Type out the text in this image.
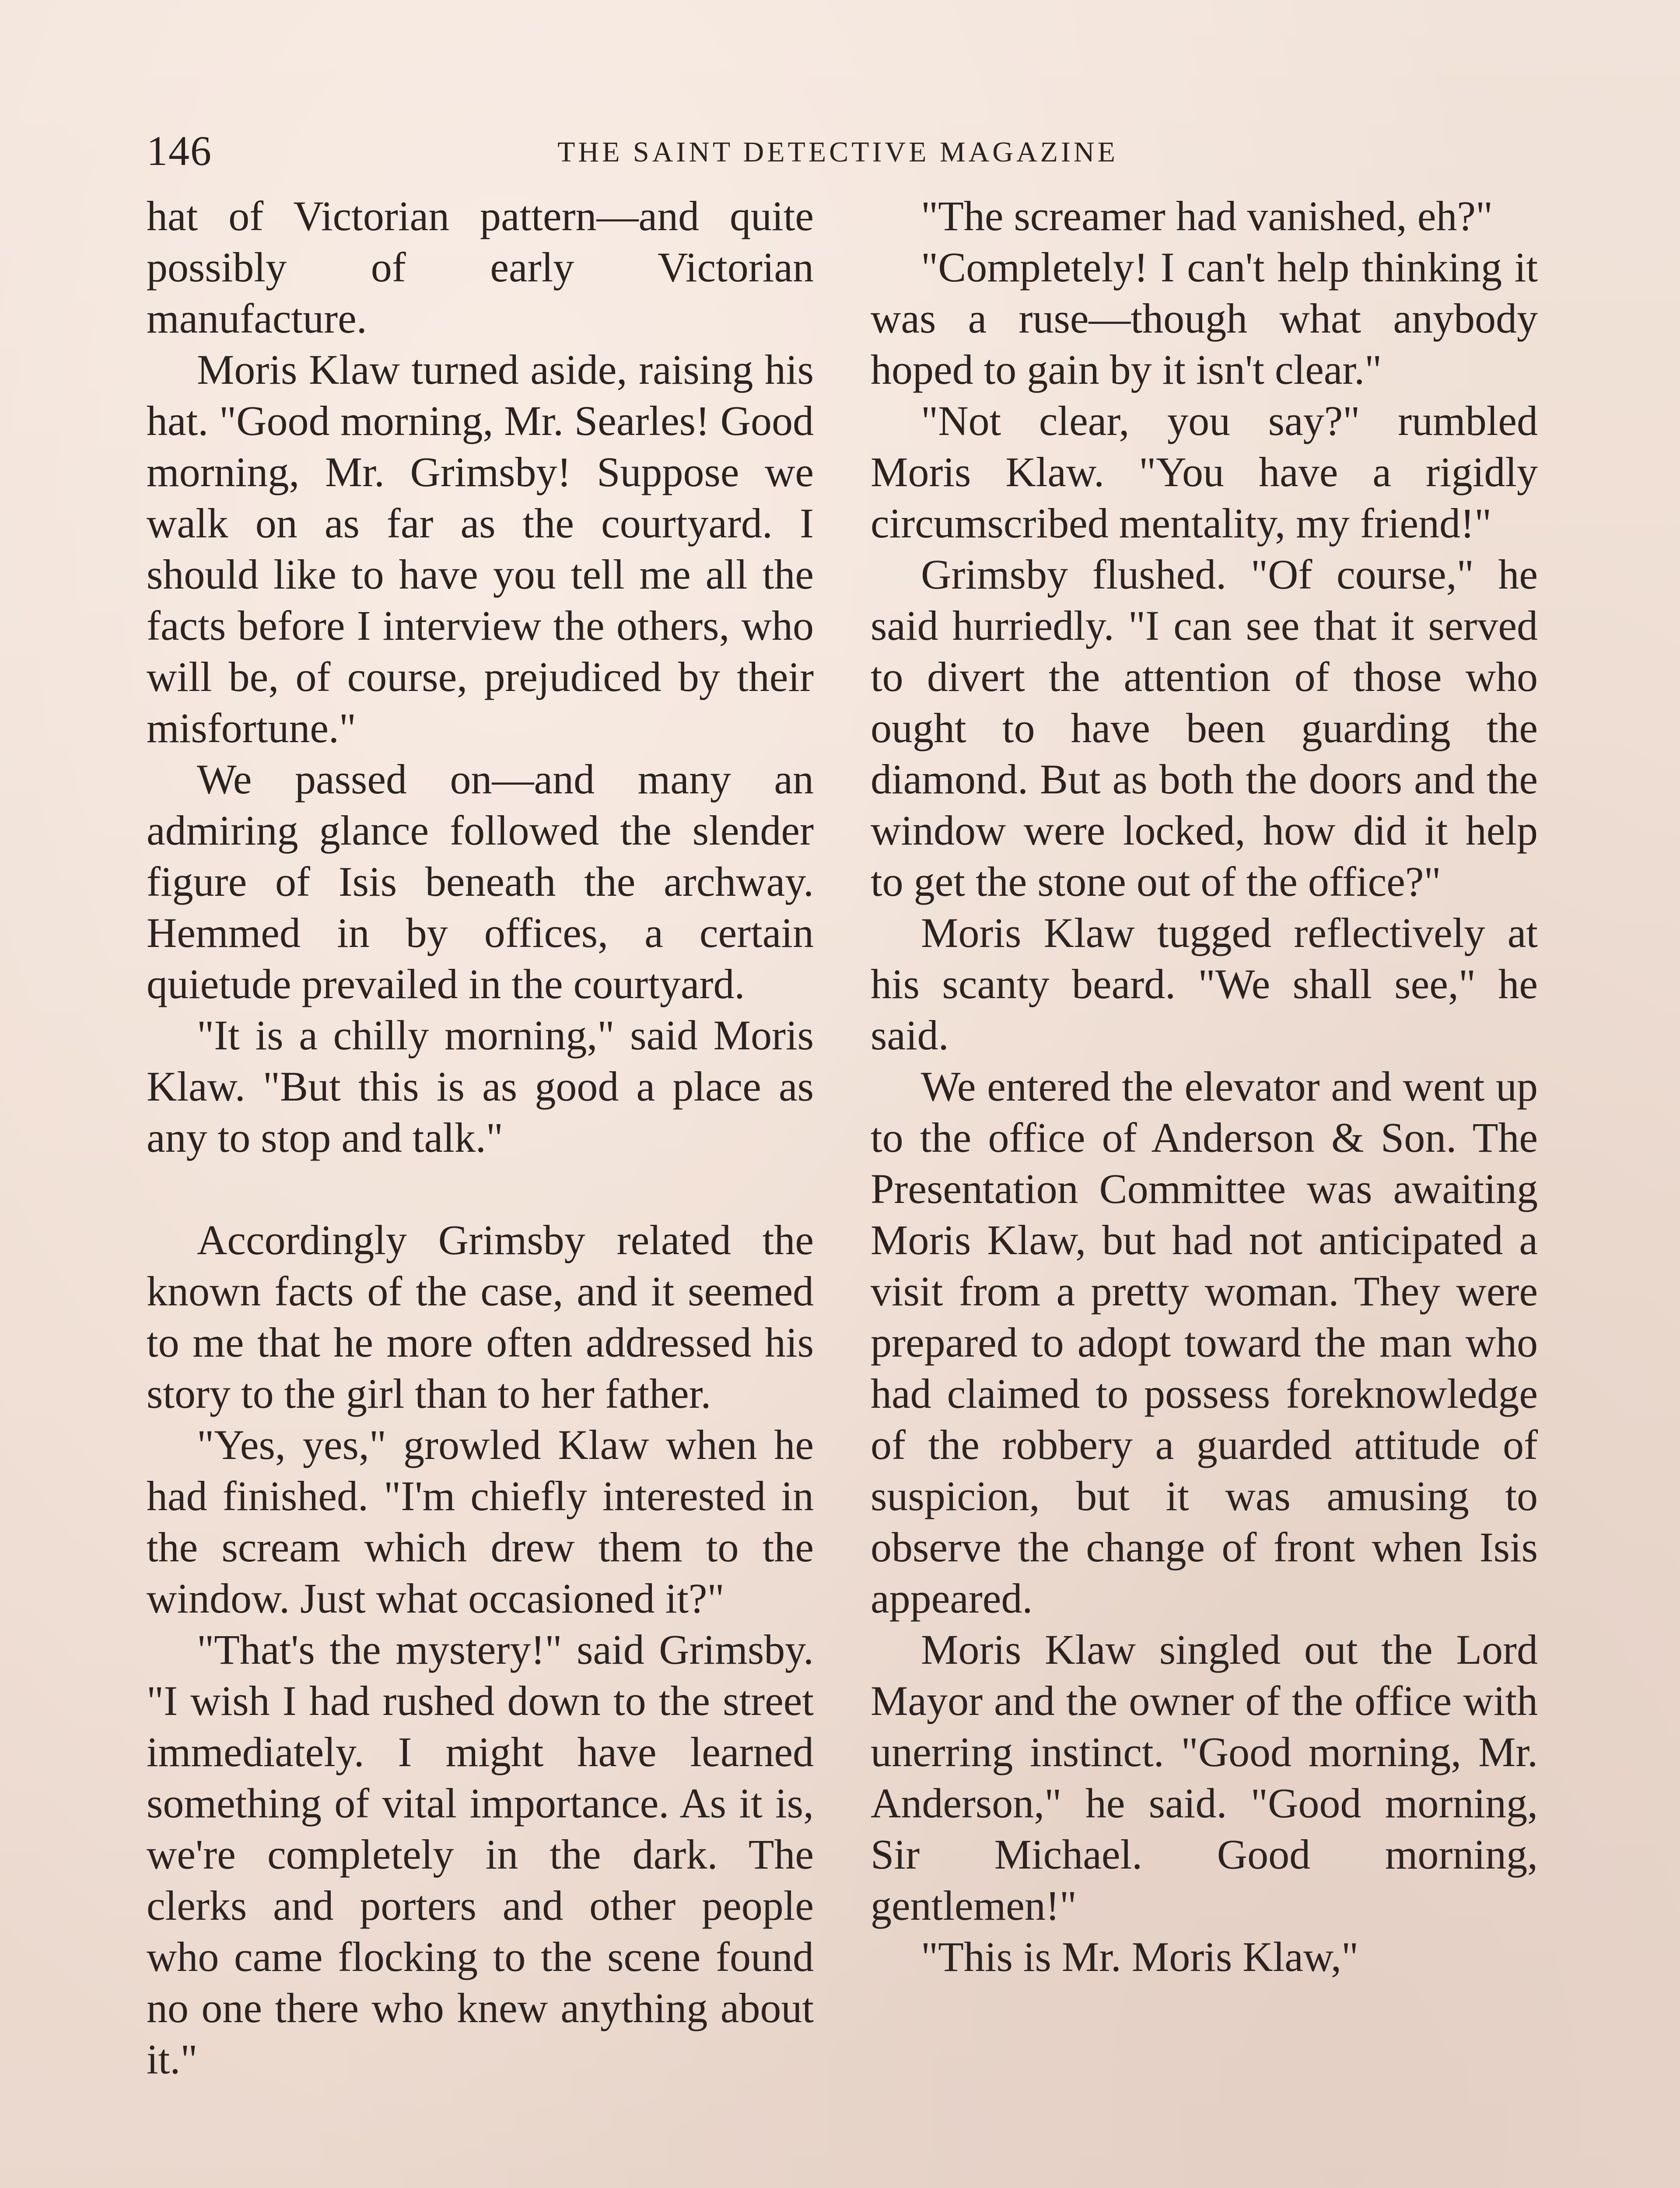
146	THE SAINT DETECTIVE MAGAZINE

hat of Victorian pattern—and quite possibly of early Victorian manufacture.

Moris Klaw turned aside, raising his hat. "Good morning, Mr. Searles! Good morning, Mr. Grimsby! Suppose we walk on as far as the courtyard. I should like to have you tell me all the facts before I interview the others, who will be, of course, prejudiced by their misfortune."

We passed on—and many an admiring glance followed the slender figure of Isis beneath the archway. Hemmed in by offices, a certain quietude prevailed in the courtyard.

"It is a chilly morning," said Moris Klaw. "But this is as good a place as any to stop and talk."

Accordingly Grimsby related the known facts of the case, and it seemed to me that he more often addressed his story to the girl than to her father.

"Yes, yes," growled Klaw when he had finished. "I'm chiefly interested in the scream which drew them to the window. Just what occasioned it?"

"That's the mystery!" said Grimsby. "I wish I had rushed down to the street immediately. I might have learned something of vital importance. As it is, we're completely in the dark. The clerks and porters and other people who came flocking to the scene found no one there who knew anything about it."

"The screamer had vanished, eh?"

"Completely! I can't help thinking it was a ruse—though what anybody hoped to gain by it isn't clear."

"Not clear, you say?" rumbled Moris Klaw. "You have a rigidly circumscribed mentality, my friend!"

Grimsby flushed. "Of course," he said hurriedly. "I can see that it served to divert the attention of those who ought to have been guarding the diamond. But as both the doors and the window were locked, how did it help to get the stone out of the office?"

Moris Klaw tugged reflectively at his scanty beard. "We shall see," he said.

We entered the elevator and went up to the office of Anderson & Son. The Presentation Committee was awaiting Moris Klaw, but had not anticipated a visit from a pretty woman. They were prepared to adopt toward the man who had claimed to possess foreknowledge of the robbery a guarded attitude of suspicion, but it was amusing to observe the change of front when Isis appeared.

Moris Klaw singled out the Lord Mayor and the owner of the office with unerring instinct. "Good morning, Mr. Anderson," he said. "Good morning, Sir Michael. Good morning, gentlemen!"

"This is Mr. Moris Klaw,"
